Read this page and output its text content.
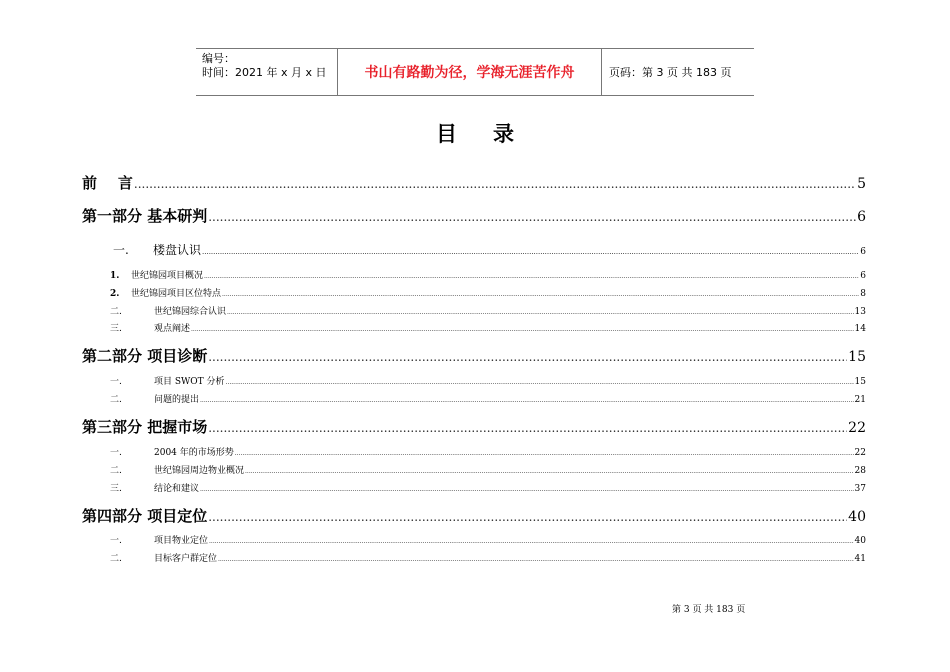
编号：
时间：2021 年 x 月 x 日	书山有路勤为径，学海无涯苦作舟	页码：第 3 页 共 183 页
目录
前    言 .....	5
第一部分 基本研判 .....	6
一. 楼盘认识 .....	6
1. 世纪锦园项目概况 .....	6
2. 世纪锦园项目区位特点 .....	8
二.	世纪锦园综合认识 .....	13
三.	观点阐述 .....	14
第二部分 项目诊断 .....	15
一.	项目 SWOT 分析 .....	15
二.	问题的提出 .....	21
第三部分 把握市场 .....	22
一.	2004 年的市场形势 .....	22
二.	世纪锦园周边物业概况 .....	28
三.	结论和建议 .....	37
第四部分 项目定位 .....	40
一.	项目物业定位 .....	40
二.	目标客户群定位 .....	41
第 3 页 共 183 页
